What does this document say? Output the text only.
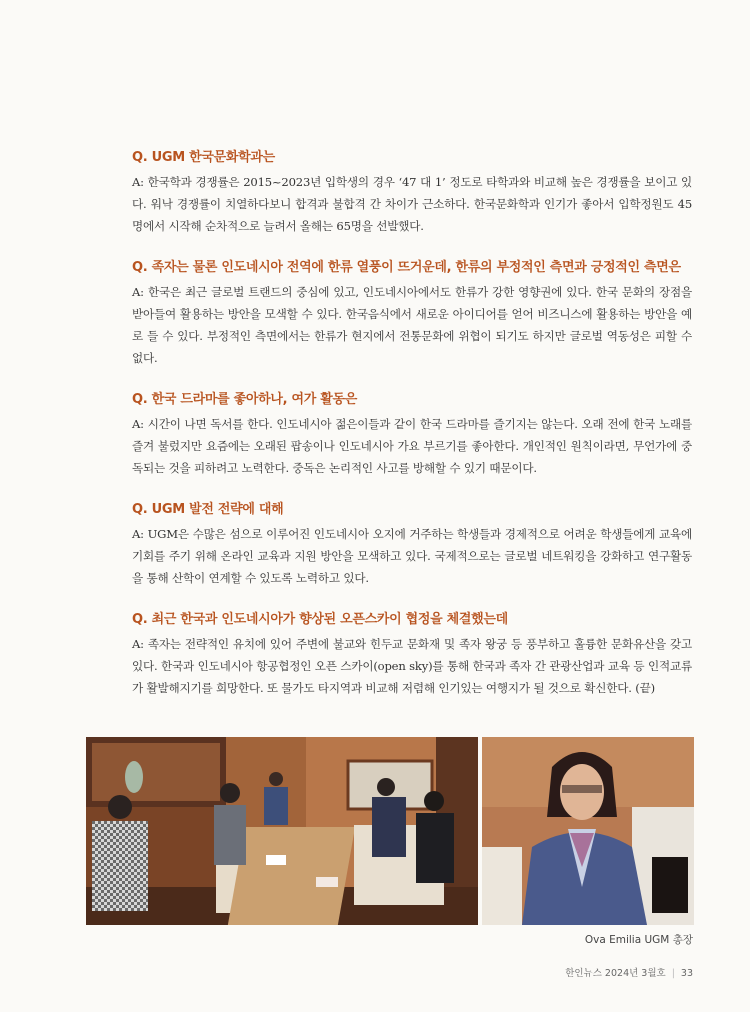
Q. UGM 한국문화학과는
A: 한국학과 경쟁률은 2015~2023년 입학생의 경우 ‘47 대 1’ 정도로 타학과와 비교해 높은 경쟁률을 보이고 있다. 워낙 경쟁률이 치열하다보니 합격과 불합격 간 차이가 근소하다. 한국문화학과 인기가 좋아서 입학정원도 45명에서 시작해 순차적으로 늘려서 올해는 65명을 선발했다.
Q. 족자는 물론 인도네시아 전역에 한류 열풍이 뜨거운데, 한류의 부정적인 측면과 긍정적인 측면은
A: 한국은 최근 글로벌 트랜드의 중심에 있고, 인도네시아에서도 한류가 강한 영향권에 있다. 한국 문화의 장점을 받아들여 활용하는 방안을 모색할 수 있다. 한국음식에서 새로운 아이디어를 얻어 비즈니스에 활용하는 방안을 예로 들 수 있다. 부정적인 측면에서는 한류가 현지에서 전통문화에 위협이 되기도 하지만 글로벌 역동성은 피할 수 없다.
Q. 한국 드라마를 좋아하나, 여가 활동은
A: 시간이 나면 독서를 한다. 인도네시아 젊은이들과 같이 한국 드라마를 즐기지는 않는다. 오래 전에 한국 노래를 즐겨 불렀지만 요즘에는 오래된 팝송이나 인도네시아 가요 부르기를 좋아한다. 개인적인 원칙이라면, 무언가에 중독되는 것을 피하려고 노력한다. 중독은 논리적인 사고를 방해할 수 있기 때문이다.
Q. UGM 발전 전략에 대해
A: UGM은 수많은 섬으로 이루어진 인도네시아 오지에 거주하는 학생들과 경제적으로 어려운 학생들에게 교육에 기회를 주기 위해 온라인 교육과 지원 방안을 모색하고 있다. 국제적으로는 글로벌 네트워킹을 강화하고 연구활동을 통해 산학이 연계할 수 있도록 노력하고 있다.
Q. 최근 한국과 인도네시아가 향상된 오픈스카이 협정을 체결했는데
A: 족자는 전략적인 유치에 있어 주변에 불교와 힌두교 문화재 및 족자 왕궁 등 풍부하고 훌륭한 문화유산을 갖고 있다. 한국과 인도네시아 항공협정인 오픈 스카이(open sky)를 통해 한국과 족자 간 관광산업과 교육 등 인적교류가 활발해지기를 희망한다. 또 물가도 타지역과 비교해 저렴해 인기있는 여행지가 될 것으로 확신한다. (끝)
Ova Emilia UGM 총장
한인뉴스 2024년 3월호 | 33
